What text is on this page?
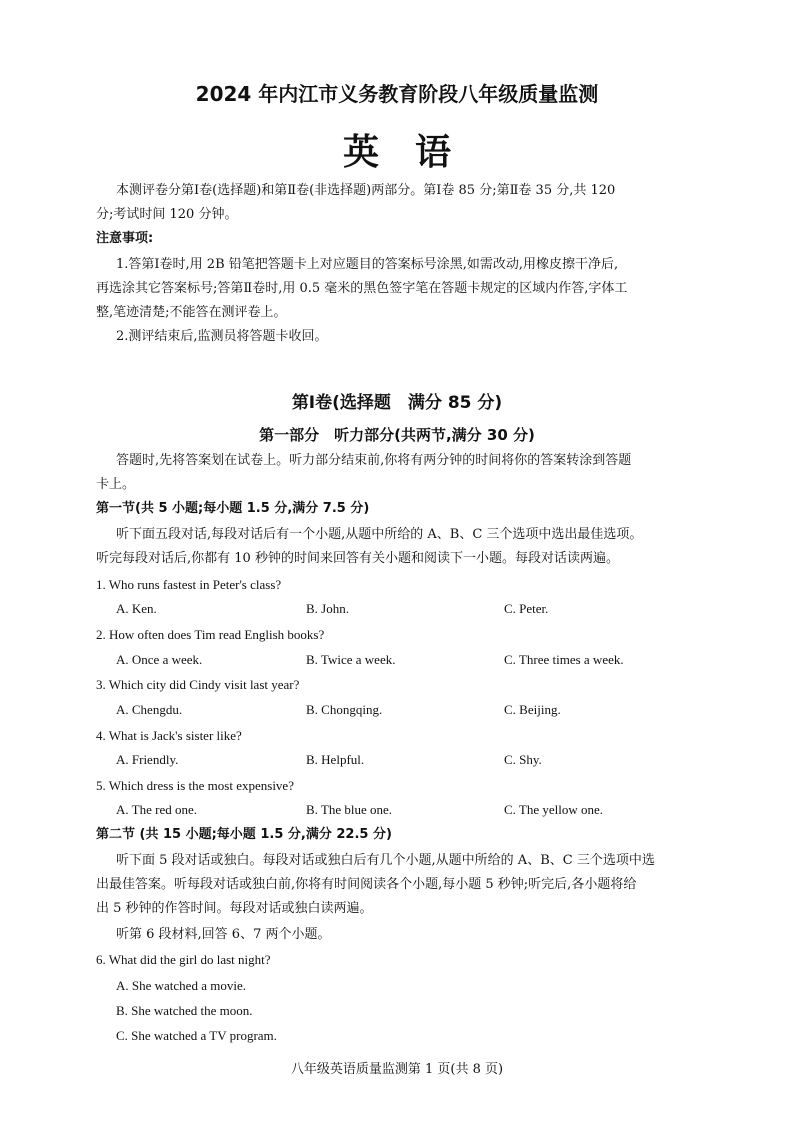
2024 年内江市义务教育阶段八年级质量监测
英语
本测评卷分第Ⅰ卷(选择题)和第Ⅱ卷(非选择题)两部分。第Ⅰ卷 85 分;第Ⅱ卷 35 分,共 120
分;考试时间 120 分钟。
注意事项:
1.答第Ⅰ卷时,用 2B 铅笔把答题卡上对应题目的答案标号涂黑,如需改动,用橡皮擦干净后,
再选涂其它答案标号;答第Ⅱ卷时,用 0.5 毫米的黑色签字笔在答题卡规定的区域内作答,字体工
整,笔迹清楚;不能答在测评卷上。
2.测评结束后,监测员将答题卡收回。
第Ⅰ卷(选择题　满分 85 分)
第一部分　听力部分(共两节,满分 30 分)
答题时,先将答案划在试卷上。听力部分结束前,你将有两分钟的时间将你的答案转涂到答题
卡上。
第一节(共 5 小题;每小题 1.5 分,满分 7.5 分)
听下面五段对话,每段对话后有一个小题,从题中所给的 A、B、C 三个选项中选出最佳选项。
听完每段对话后,你都有 10 秒钟的时间来回答有关小题和阅读下一小题。每段对话读两遍。
1. Who runs fastest in Peter's class?
A. Ken.	B. John.	C. Peter.
2. How often does Tim read English books?
A. Once a week.	B. Twice a week.	C. Three times a week.
3. Which city did Cindy visit last year?
A. Chengdu.	B. Chongqing.	C. Beijing.
4. What is Jack's sister like?
A. Friendly.	B. Helpful.	C. Shy.
5. Which dress is the most expensive?
A. The red one.	B. The blue one.	C. The yellow one.
第二节 (共 15 小题;每小题 1.5 分,满分 22.5 分)
听下面 5 段对话或独白。每段对话或独白后有几个小题,从题中所给的 A、B、C 三个选项中选
出最佳答案。听每段对话或独白前,你将有时间阅读各个小题,每小题 5 秒钟;听完后,各小题将给
出 5 秒钟的作答时间。每段对话或独白读两遍。
听第 6 段材料,回答 6、7 两个小题。
6. What did the girl do last night?
A. She watched a movie.
B. She watched the moon.
C. She watched a TV program.
八年级英语质量监测第 1 页(共 8 页)
